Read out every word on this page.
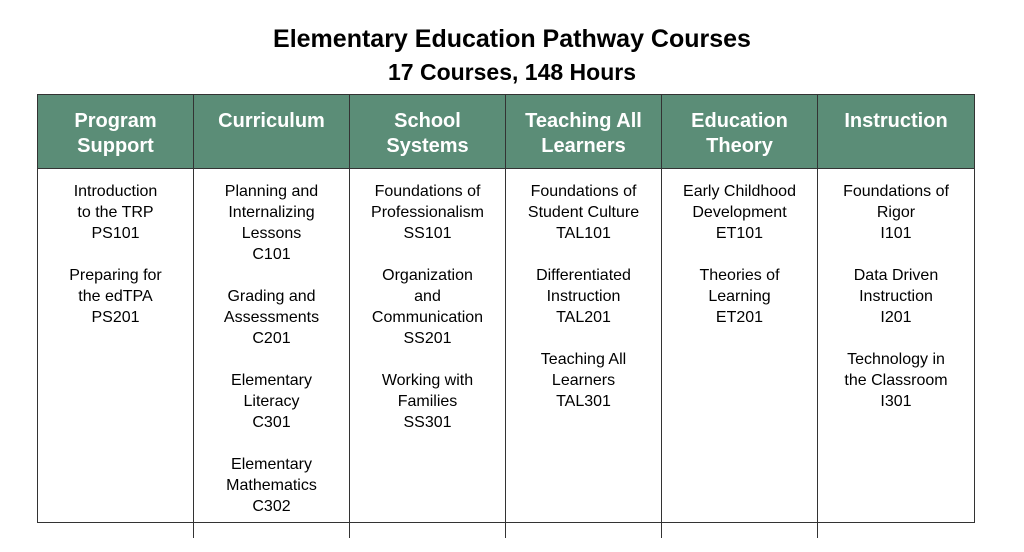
Elementary Education Pathway Courses

17 Courses, 148 Hours

Program
Support
Curriculum	School
Systems
Teaching All
Learners
Education
Theory
Instruction
Introduction
to the TRP
PS101
Preparing for
the edTPA
PS201
Planning and
Internalizing
Lessons
C101
Grading and
Assessments
C201
Elementary
Literacy
C301
Elementary
Mathematics
C302
Foundations of
Professionalism
SS101
Organization
and
Communication
SS201
Working with
Families
SS301
Foundations of
Student Culture
TAL101
Differentiated
Instruction
TAL201
Teaching All
Learners
TAL301
Early Childhood
Development
ET101
Theories of
Learning
ET201
Foundations of
Rigor
I101
Data Driven
Instruction
I201
Technology in
the Classroom
I301
